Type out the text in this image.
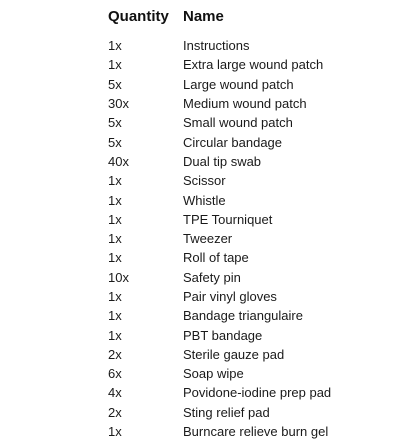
Quantity Name
1x	Instructions
1x	Extra large wound patch
5x	Large wound patch
30x	Medium wound patch
5x	Small wound patch
5x	Circular bandage
40x	Dual tip swab
1x	Scissor
1x	Whistle
1x	TPE Tourniquet
1x	Tweezer
1x	Roll of tape
10x	Safety pin
1x	Pair vinyl gloves
1x	Bandage triangulaire
1x	PBT bandage
2x	Sterile gauze pad
6x	Soap wipe
4x	Povidone-iodine prep pad
2x	Sting relief pad
1x	Burncare relieve burn gel
